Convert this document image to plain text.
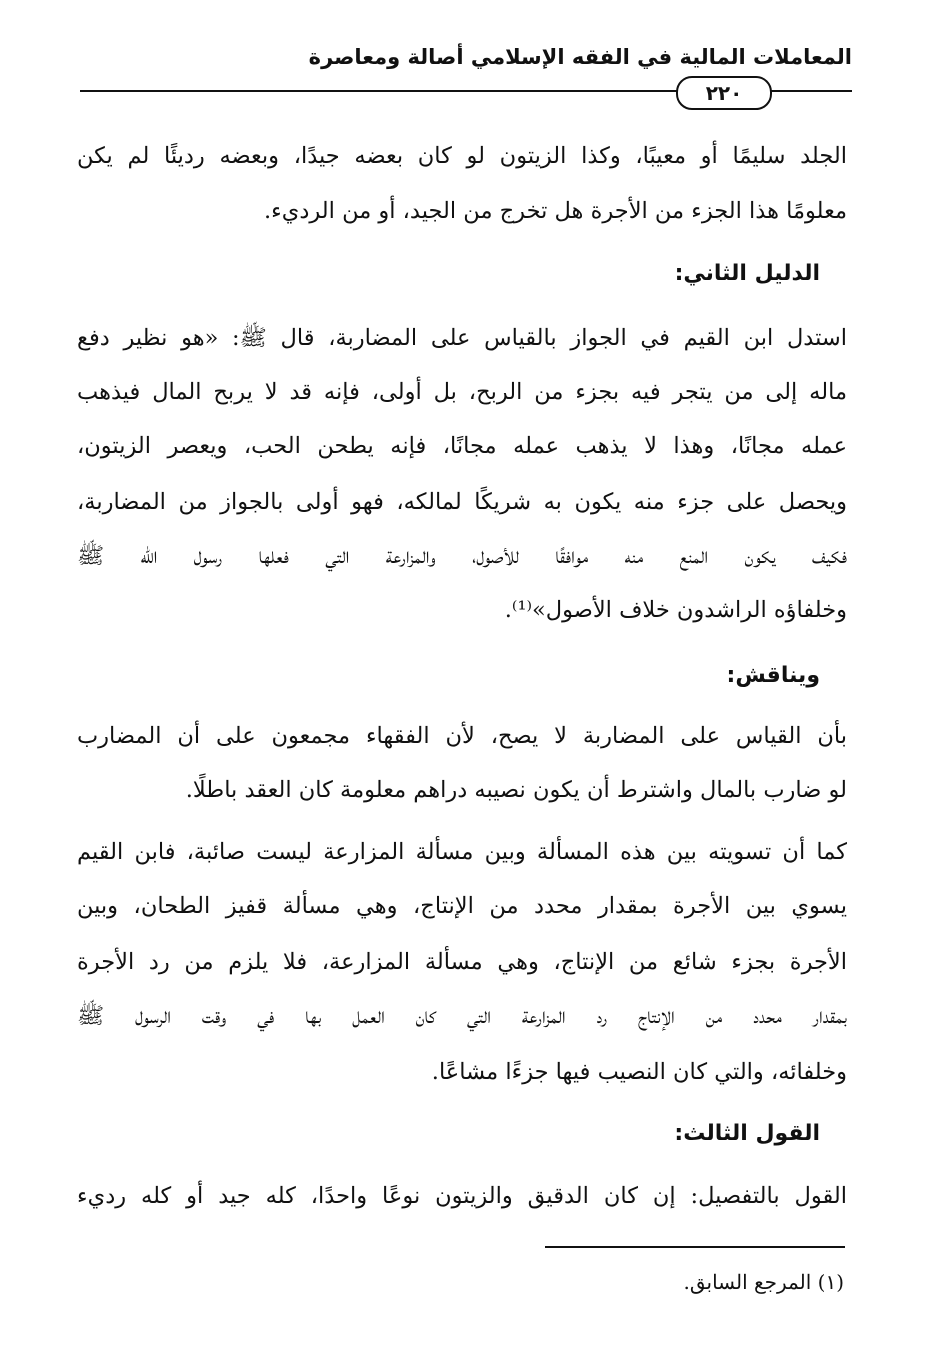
المعاملات المالية في الفقه الإسلامي أصالة ومعاصرة
٢٢٠
الجلد سليمًا أو معيبًا، وكذا الزيتون لو كان بعضه جيدًا، وبعضه رديئًا لم يكن
معلومًا هذا الجزء من الأجرة هل تخرج من الجيد، أو من الرديء.
الدليل الثاني:
استدل ابن القيم في الجواز بالقياس على المضاربة، قال ﷺ: «هو نظير دفع
ماله إلى من يتجر فيه بجزء من الربح، بل أولى، فإنه قد لا يربح المال فيذهب
عمله مجانًا، وهذا لا يذهب عمله مجانًا، فإنه يطحن الحب، ويعصر الزيتون،
ويحصل على جزء منه يكون به شريكًا لمالكه، فهو أولى بالجواز من المضاربة،
فكيف يكون المنع منه موافقًا للأصول، والمزارعة التي فعلها رسول الله ﷺ
وخلفاؤه الراشدون خلاف الأصول»⁽¹⁾.
ويناقش:
بأن القياس على المضاربة لا يصح، لأن الفقهاء مجمعون على أن المضارب
لو ضارب بالمال واشترط أن يكون نصيبه دراهم معلومة كان العقد باطلًا.
كما أن تسويته بين هذه المسألة وبين مسألة المزارعة ليست صائبة، فابن القيم
يسوي بين الأجرة بمقدار محدد من الإنتاج، وهي مسألة قفيز الطحان، وبين
الأجرة بجزء شائع من الإنتاج، وهي مسألة المزارعة، فلا يلزم من رد الأجرة
بمقدار محدد من الإنتاج رد المزارعة التي كان العمل بها في وقت الرسول ﷺ
وخلفائه، والتي كان النصيب فيها جزءًا مشاعًا.
القول الثالث:
القول بالتفصيل: إن كان الدقيق والزيتون نوعًا واحدًا، كله جيد أو كله رديء
(١) المرجع السابق.
